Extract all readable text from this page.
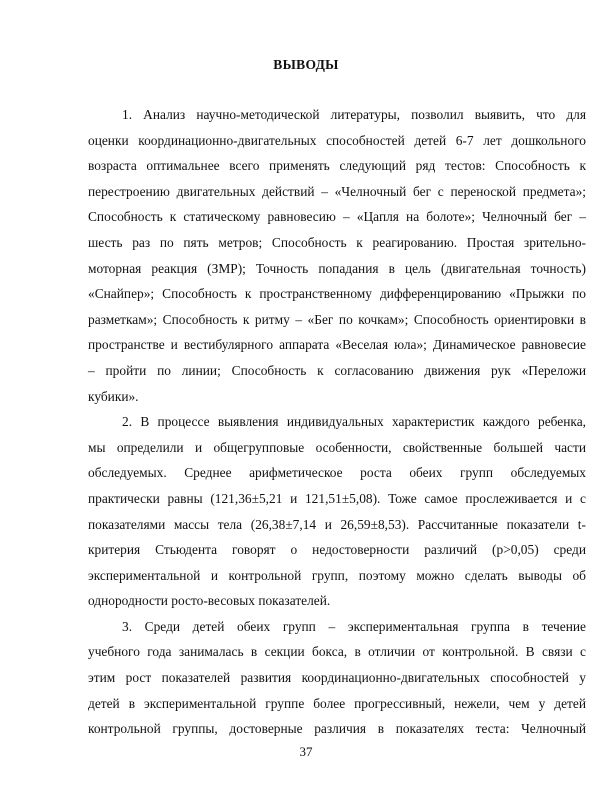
ВЫВОДЫ
1. Анализ научно-методической литературы, позволил выявить, что для
оценки координационно-двигательных способностей детей 6-7 лет дошкольного
возраста оптимальнее всего применять следующий ряд тестов: Способность к
перестроению двигательных действий – «Челночный бег с переноской предмета»;
Способность к статическому равновесию – «Цапля на болоте»; Челночный бег –
шесть раз по пять метров; Способность к реагированию. Простая зрительно-
моторная реакция (ЗМР); Точность попадания в цель (двигательная точность)
«Снайпер»; Способность к пространственному дифференцированию «Прыжки по
разметкам»; Способность к ритму – «Бег по кочкам»; Способность ориентировки в
пространстве и вестибулярного аппарата «Веселая юла»; Динамическое равновесие
– пройти по линии; Способность к согласованию движения рук «Переложи
кубики».
2. В процессе выявления индивидуальных характеристик каждого ребенка,
мы определили и общегрупповые особенности, свойственные большей части
обследуемых. Среднее арифметическое роста обеих групп обследуемых
практически равны (121,36±5,21 и 121,51±5,08). Тоже самое прослеживается и с
показателями массы тела (26,38±7,14 и 26,59±8,53). Рассчитанные показатели t-
критерия Стьюдента говорят о недостоверности различий (p>0,05) среди
экспериментальной и контрольной групп, поэтому можно сделать выводы об
однородности росто-весовых показателей.
3. Среди детей обеих групп – экспериментальная группа в течение
учебного года занималась в секции бокса, в отличии от контрольной. В связи с
этим рост показателей развития координационно-двигательных способностей у
детей в экспериментальной группе более прогрессивный, нежели, чем у детей
контрольной группы, достоверные различия в показателях теста: Челночный
37
